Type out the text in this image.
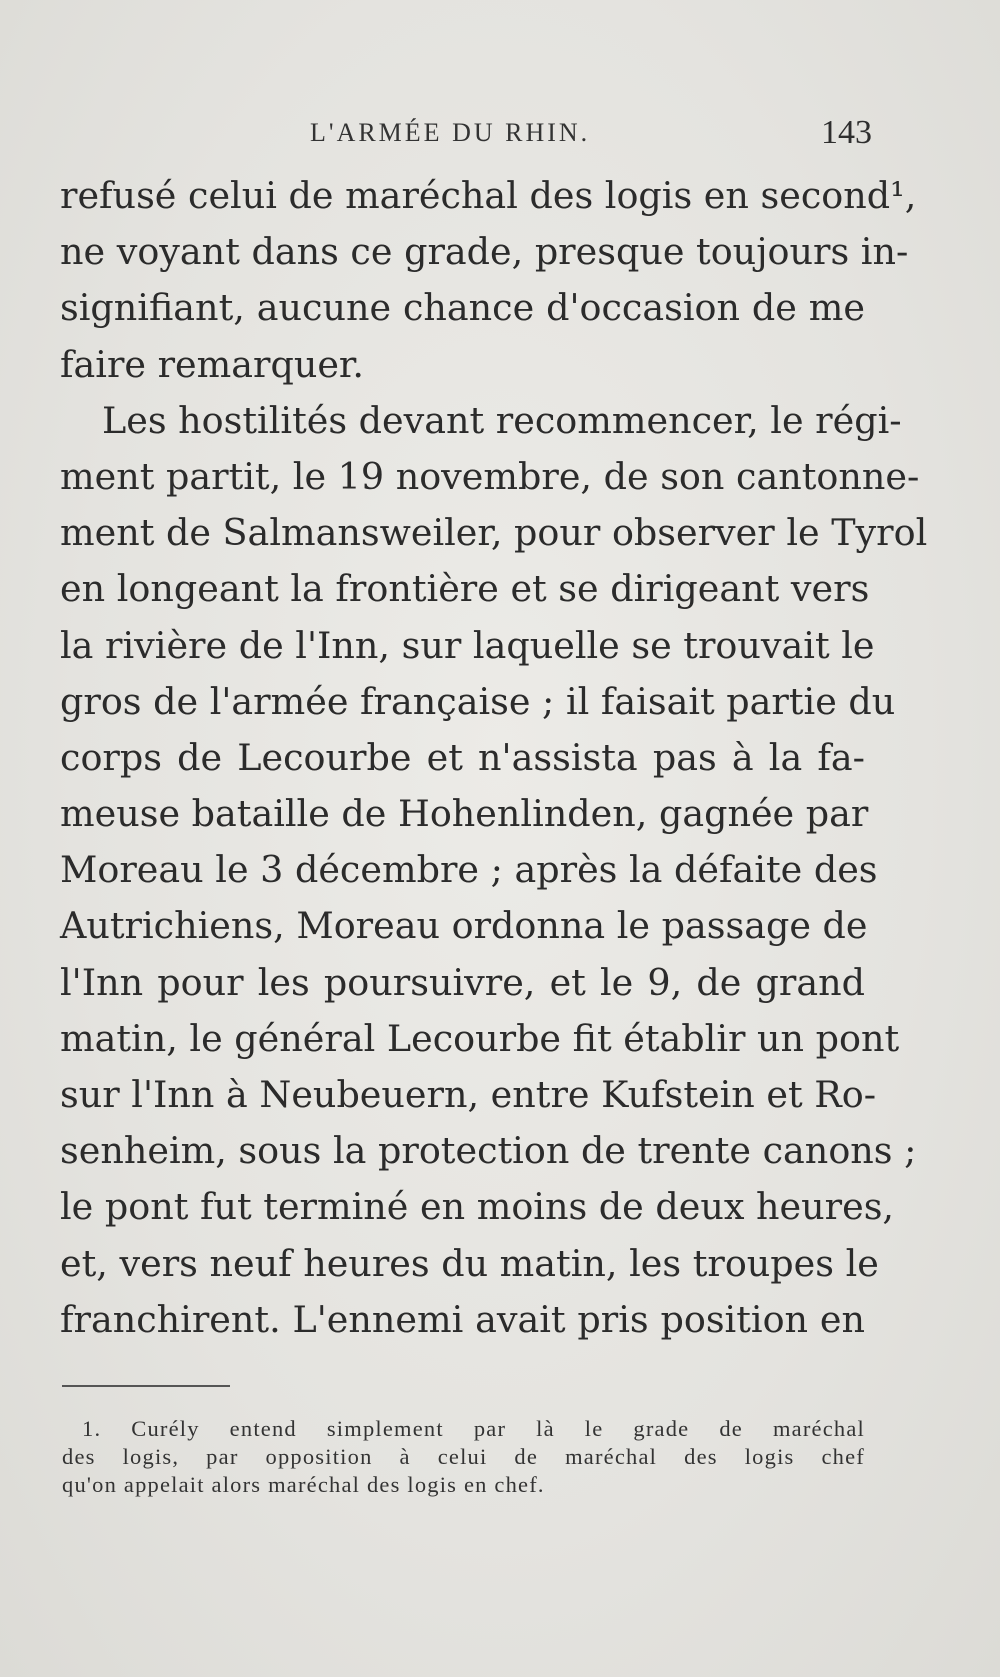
L'ARMÉE DU RHIN.	143
refusé celui de maréchal des logis en second¹,
ne voyant dans ce grade, presque toujours in-
signifiant, aucune chance d'occasion de me
faire remarquer.
Les hostilités devant recommencer, le régi-
ment partit, le 19 novembre, de son cantonne-
ment de Salmansweiler, pour observer le Tyrol
en longeant la frontière et se dirigeant vers
la rivière de l'Inn, sur laquelle se trouvait le
gros de l'armée française ; il faisait partie du
corps de Lecourbe et n'assista pas à la fa-
meuse bataille de Hohenlinden, gagnée par
Moreau le 3 décembre ; après la défaite des
Autrichiens, Moreau ordonna le passage de
l'Inn pour les poursuivre, et le 9, de grand
matin, le général Lecourbe fit établir un pont
sur l'Inn à Neubeuern, entre Kufstein et Ro-
senheim, sous la protection de trente canons ;
le pont fut terminé en moins de deux heures,
et, vers neuf heures du matin, les troupes le
franchirent. L'ennemi avait pris position en
1. Curély entend simplement par là le grade de maréchal
des logis, par opposition à celui de maréchal des logis chef
qu'on appelait alors maréchal des logis en chef.
